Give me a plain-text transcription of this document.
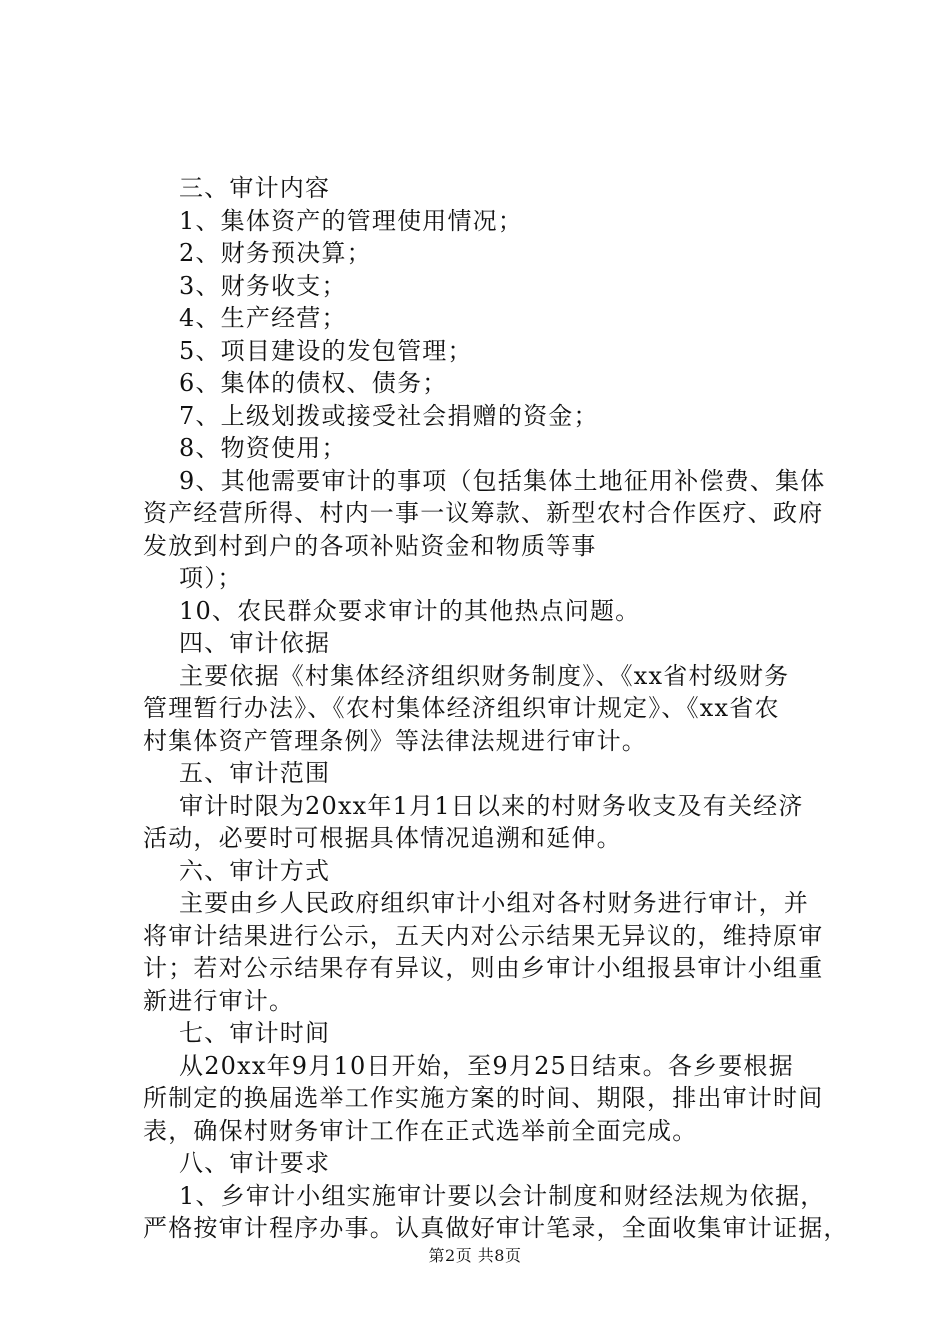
三、审计内容
1、集体资产的管理使用情况；
2、财务预决算；
3、财务收支；
4、生产经营；
5、项目建设的发包管理；
6、集体的债权、债务；
7、上级划拨或接受社会捐赠的资金；
8、物资使用；
9、其他需要审计的事项（包括集体土地征用补偿费、集体
资产经营所得、村内一事一议筹款、新型农村合作医疗、政府
发放到村到户的各项补贴资金和物质等事
项）；
10、农民群众要求审计的其他热点问题。
四、审计依据
主要依据《村集体经济组织财务制度》、《xx省村级财务
管理暂行办法》、《农村集体经济组织审计规定》、《xx省农
村集体资产管理条例》等法律法规进行审计。
五、审计范围
审计时限为20xx年1月1日以来的村财务收支及有关经济
活动，必要时可根据具体情况追溯和延伸。
六、审计方式
主要由乡人民政府组织审计小组对各村财务进行审计，并
将审计结果进行公示，五天内对公示结果无异议的，维持原审
计；若对公示结果存有异议，则由乡审计小组报县审计小组重
新进行审计。
七、审计时间
从20xx年9月10日开始，至9月25日结束。各乡要根据
所制定的换届选举工作实施方案的时间、期限，排出审计时间
表，确保村财务审计工作在正式选举前全面完成。
八、审计要求
1、乡审计小组实施审计要以会计制度和财经法规为依据，
严格按审计程序办事。认真做好审计笔录，全面收集审计证据，
第2页 共8页
